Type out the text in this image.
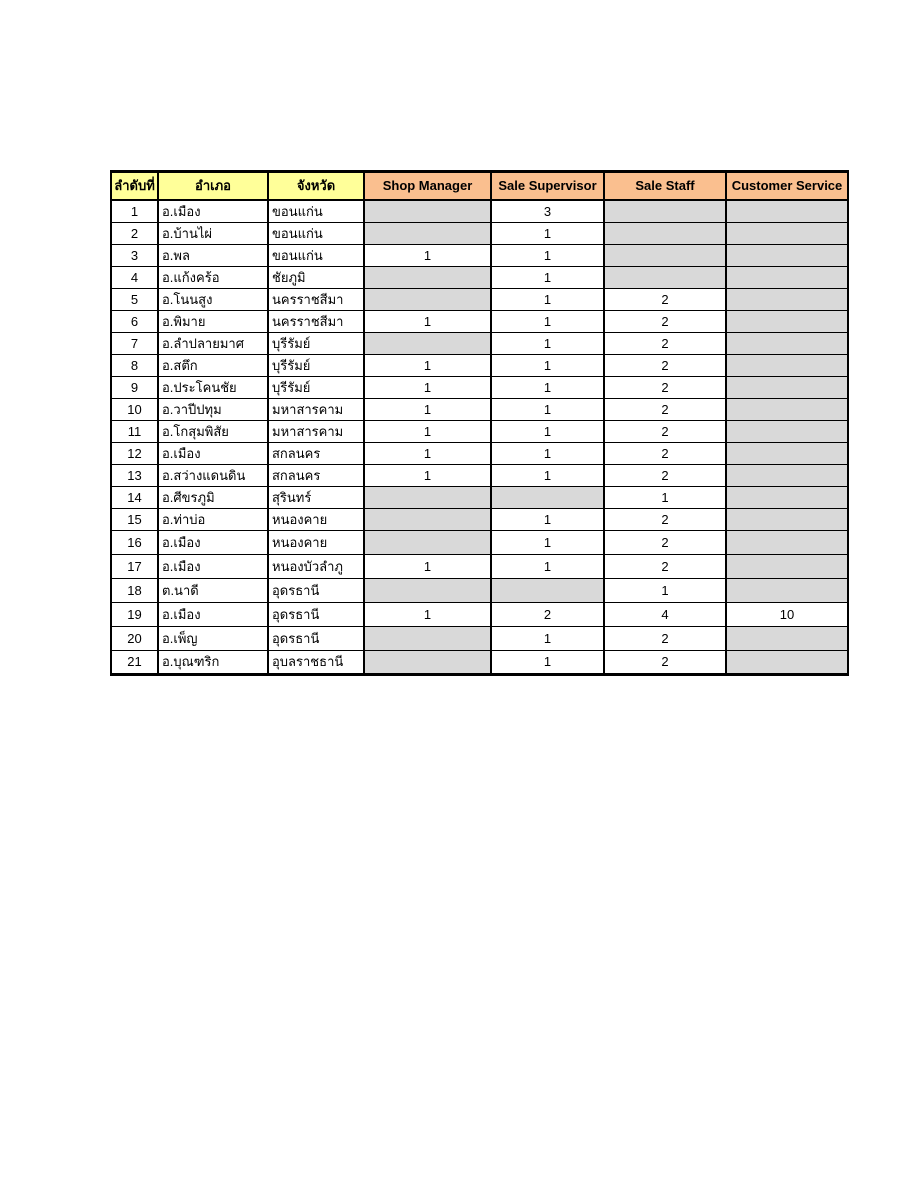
ลำดับที่	อำเภอ	จังหวัด	Shop Manager	Sale Supervisor	Sale Staff	Customer Service
1	อ.เมือง	ขอนแก่น		3		
2	อ.บ้านไผ่	ขอนแก่น		1		
3	อ.พล	ขอนแก่น	1	1		
4	อ.แก้งคร้อ	ชัยภูมิ		1		
5	อ.โนนสูง	นครราชสีมา		1	2	
6	อ.พิมาย	นครราชสีมา	1	1	2	
7	อ.ลำปลายมาศ	บุรีรัมย์		1	2	
8	อ.สตึก	บุรีรัมย์	1	1	2	
9	อ.ประโคนชัย	บุรีรัมย์	1	1	2	
10	อ.วาปีปทุม	มหาสารคาม	1	1	2	
11	อ.โกสุมพิสัย	มหาสารคาม	1	1	2	
12	อ.เมือง	สกลนคร	1	1	2	
13	อ.สว่างแดนดิน	สกลนคร	1	1	2	
14	อ.ศีขรภูมิ	สุรินทร์			1	
15	อ.ท่าบ่อ	หนองคาย		1	2	
16	อ.เมือง	หนองคาย		1	2	
17	อ.เมือง	หนองบัวลำภู	1	1	2	
18	ต.นาดี	อุดรธานี			1	
19	อ.เมือง	อุดรธานี	1	2	4	10
20	อ.เพ็ญ	อุดรธานี		1	2	
21	อ.บุณฑริก	อุบลราชธานี		1	2	
